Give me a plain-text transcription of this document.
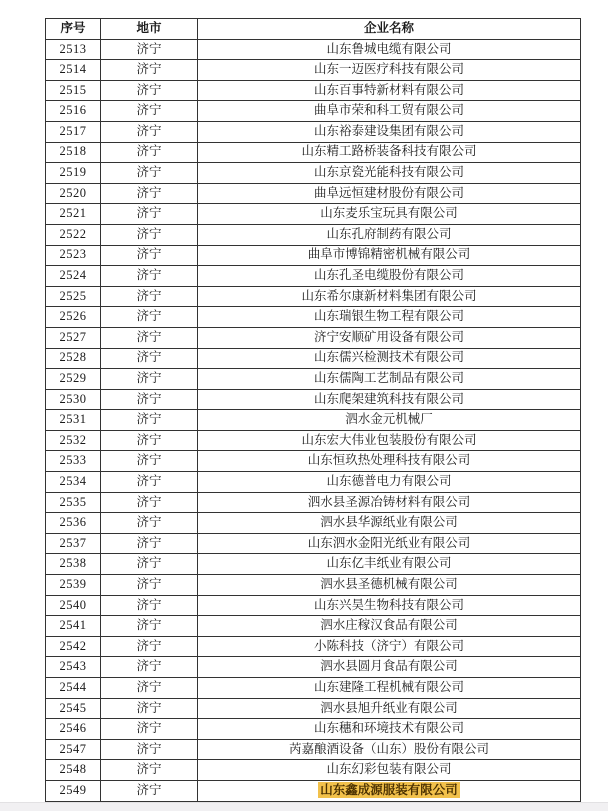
序号	地市	企业名称
2513	济宁	山东鲁城电缆有限公司
2514	济宁	山东一迈医疗科技有限公司
2515	济宁	山东百事特新材料有限公司
2516	济宁	曲阜市荣和科工贸有限公司
2517	济宁	山东裕泰建设集团有限公司
2518	济宁	山东精工路桥装备科技有限公司
2519	济宁	山东京瓷光能科技有限公司
2520	济宁	曲阜远恒建材股份有限公司
2521	济宁	山东麦乐宝玩具有限公司
2522	济宁	山东孔府制药有限公司
2523	济宁	曲阜市博锦精密机械有限公司
2524	济宁	山东孔圣电缆股份有限公司
2525	济宁	山东希尔康新材料集团有限公司
2526	济宁	山东瑞银生物工程有限公司
2527	济宁	济宁安顺矿用设备有限公司
2528	济宁	山东儒兴检测技术有限公司
2529	济宁	山东儒陶工艺制品有限公司
2530	济宁	山东爬架建筑科技有限公司
2531	济宁	泗水金元机械厂
2532	济宁	山东宏大伟业包装股份有限公司
2533	济宁	山东恒玖热处理科技有限公司
2534	济宁	山东德普电力有限公司
2535	济宁	泗水县圣源冶铸材料有限公司
2536	济宁	泗水县华源纸业有限公司
2537	济宁	山东泗水金阳光纸业有限公司
2538	济宁	山东亿丰纸业有限公司
2539	济宁	泗水县圣德机械有限公司
2540	济宁	山东兴昊生物科技有限公司
2541	济宁	泗水庄稼汉食品有限公司
2542	济宁	小陈科技（济宁）有限公司
2543	济宁	泗水县圆月食品有限公司
2544	济宁	山东建隆工程机械有限公司
2545	济宁	泗水县旭升纸业有限公司
2546	济宁	山东穗和环境技术有限公司
2547	济宁	芮嘉酿酒设备（山东）股份有限公司
2548	济宁	山东幻彩包装有限公司
2549	济宁	山东鑫成源服装有限公司
